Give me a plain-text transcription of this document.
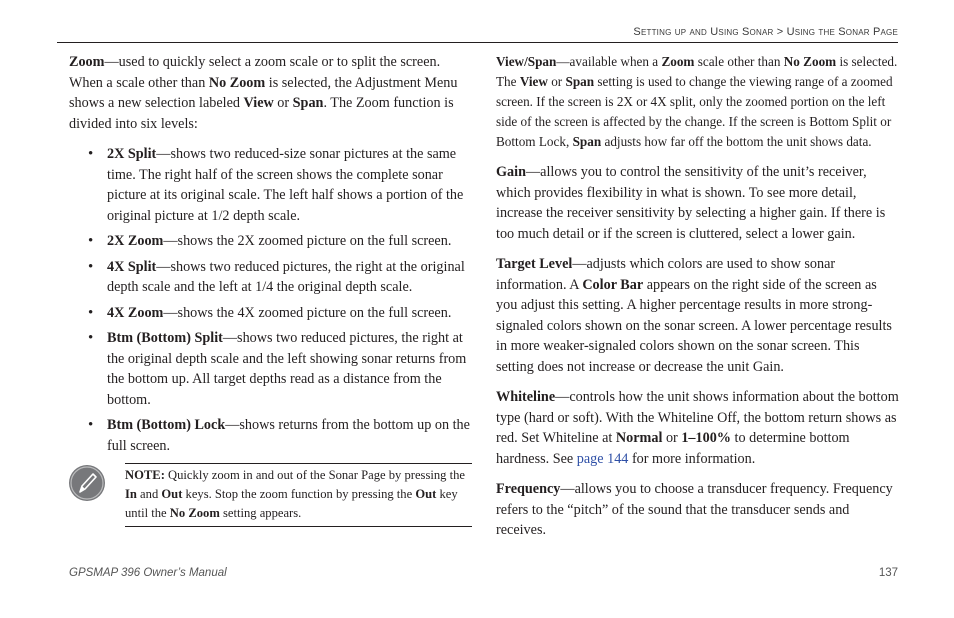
Setting up and Using Sonar > Using the Sonar Page

Zoom—used to quickly select a zoom scale or to split the screen. When a scale other than No Zoom is selected, the Adjustment Menu shows a new selection labeled View or Span. The Zoom function is divided into six levels:

• 2X Split—shows two reduced-size sonar pictures at the same time. The right half of the screen shows the complete sonar picture at its original scale. The left half shows a portion of the original picture at 1/2 depth scale.
• 2X Zoom—shows the 2X zoomed picture on the full screen.
• 4X Split—shows two reduced pictures, the right at the original depth scale and the left at 1/4 the original depth scale.
• 4X Zoom—shows the 4X zoomed picture on the full screen.
• Btm (Bottom) Split—shows two reduced pictures, the right at the original depth scale and the left showing sonar returns from the bottom up. All target depths read as a distance from the bottom.
• Btm (Bottom) Lock—shows returns from the bottom up on the full screen.
NOTE: Quickly zoom in and out of the Sonar Page by pressing the In and Out keys. Stop the zoom function by pressing the Out key until the No Zoom setting appears.

View/Span—available when a Zoom scale other than No Zoom is selected. The View or Span setting is used to change the viewing range of a zoomed screen. If the screen is 2X or 4X split, only the zoomed portion on the left side of the screen is affected by the change. If the screen is Bottom Split or Bottom Lock, Span adjusts how far off the bottom the unit shows data.

Gain—allows you to control the sensitivity of the unit’s receiver, which provides flexibility in what is shown. To see more detail, increase the receiver sensitivity by selecting a higher gain. If there is too much detail or if the screen is cluttered, select a lower gain.

Target Level—adjusts which colors are used to show sonar information. A Color Bar appears on the right side of the screen as you adjust this setting. A higher percentage results in more strong-signaled colors shown on the sonar screen. A lower percentage results in more weaker-signaled colors shown on the sonar screen. This setting does not increase or decrease the unit Gain.

Whiteline—controls how the unit shows information about the bottom type (hard or soft). With the Whiteline Off, the bottom return shows as red. Set Whiteline at Normal or 1–100% to determine bottom hardness. See page 144 for more information.

Frequency—allows you to choose a transducer frequency. Frequency refers to the “pitch” of the sound that the transducer sends and receives.

GPSMAP 396 Owner’s Manual	137
